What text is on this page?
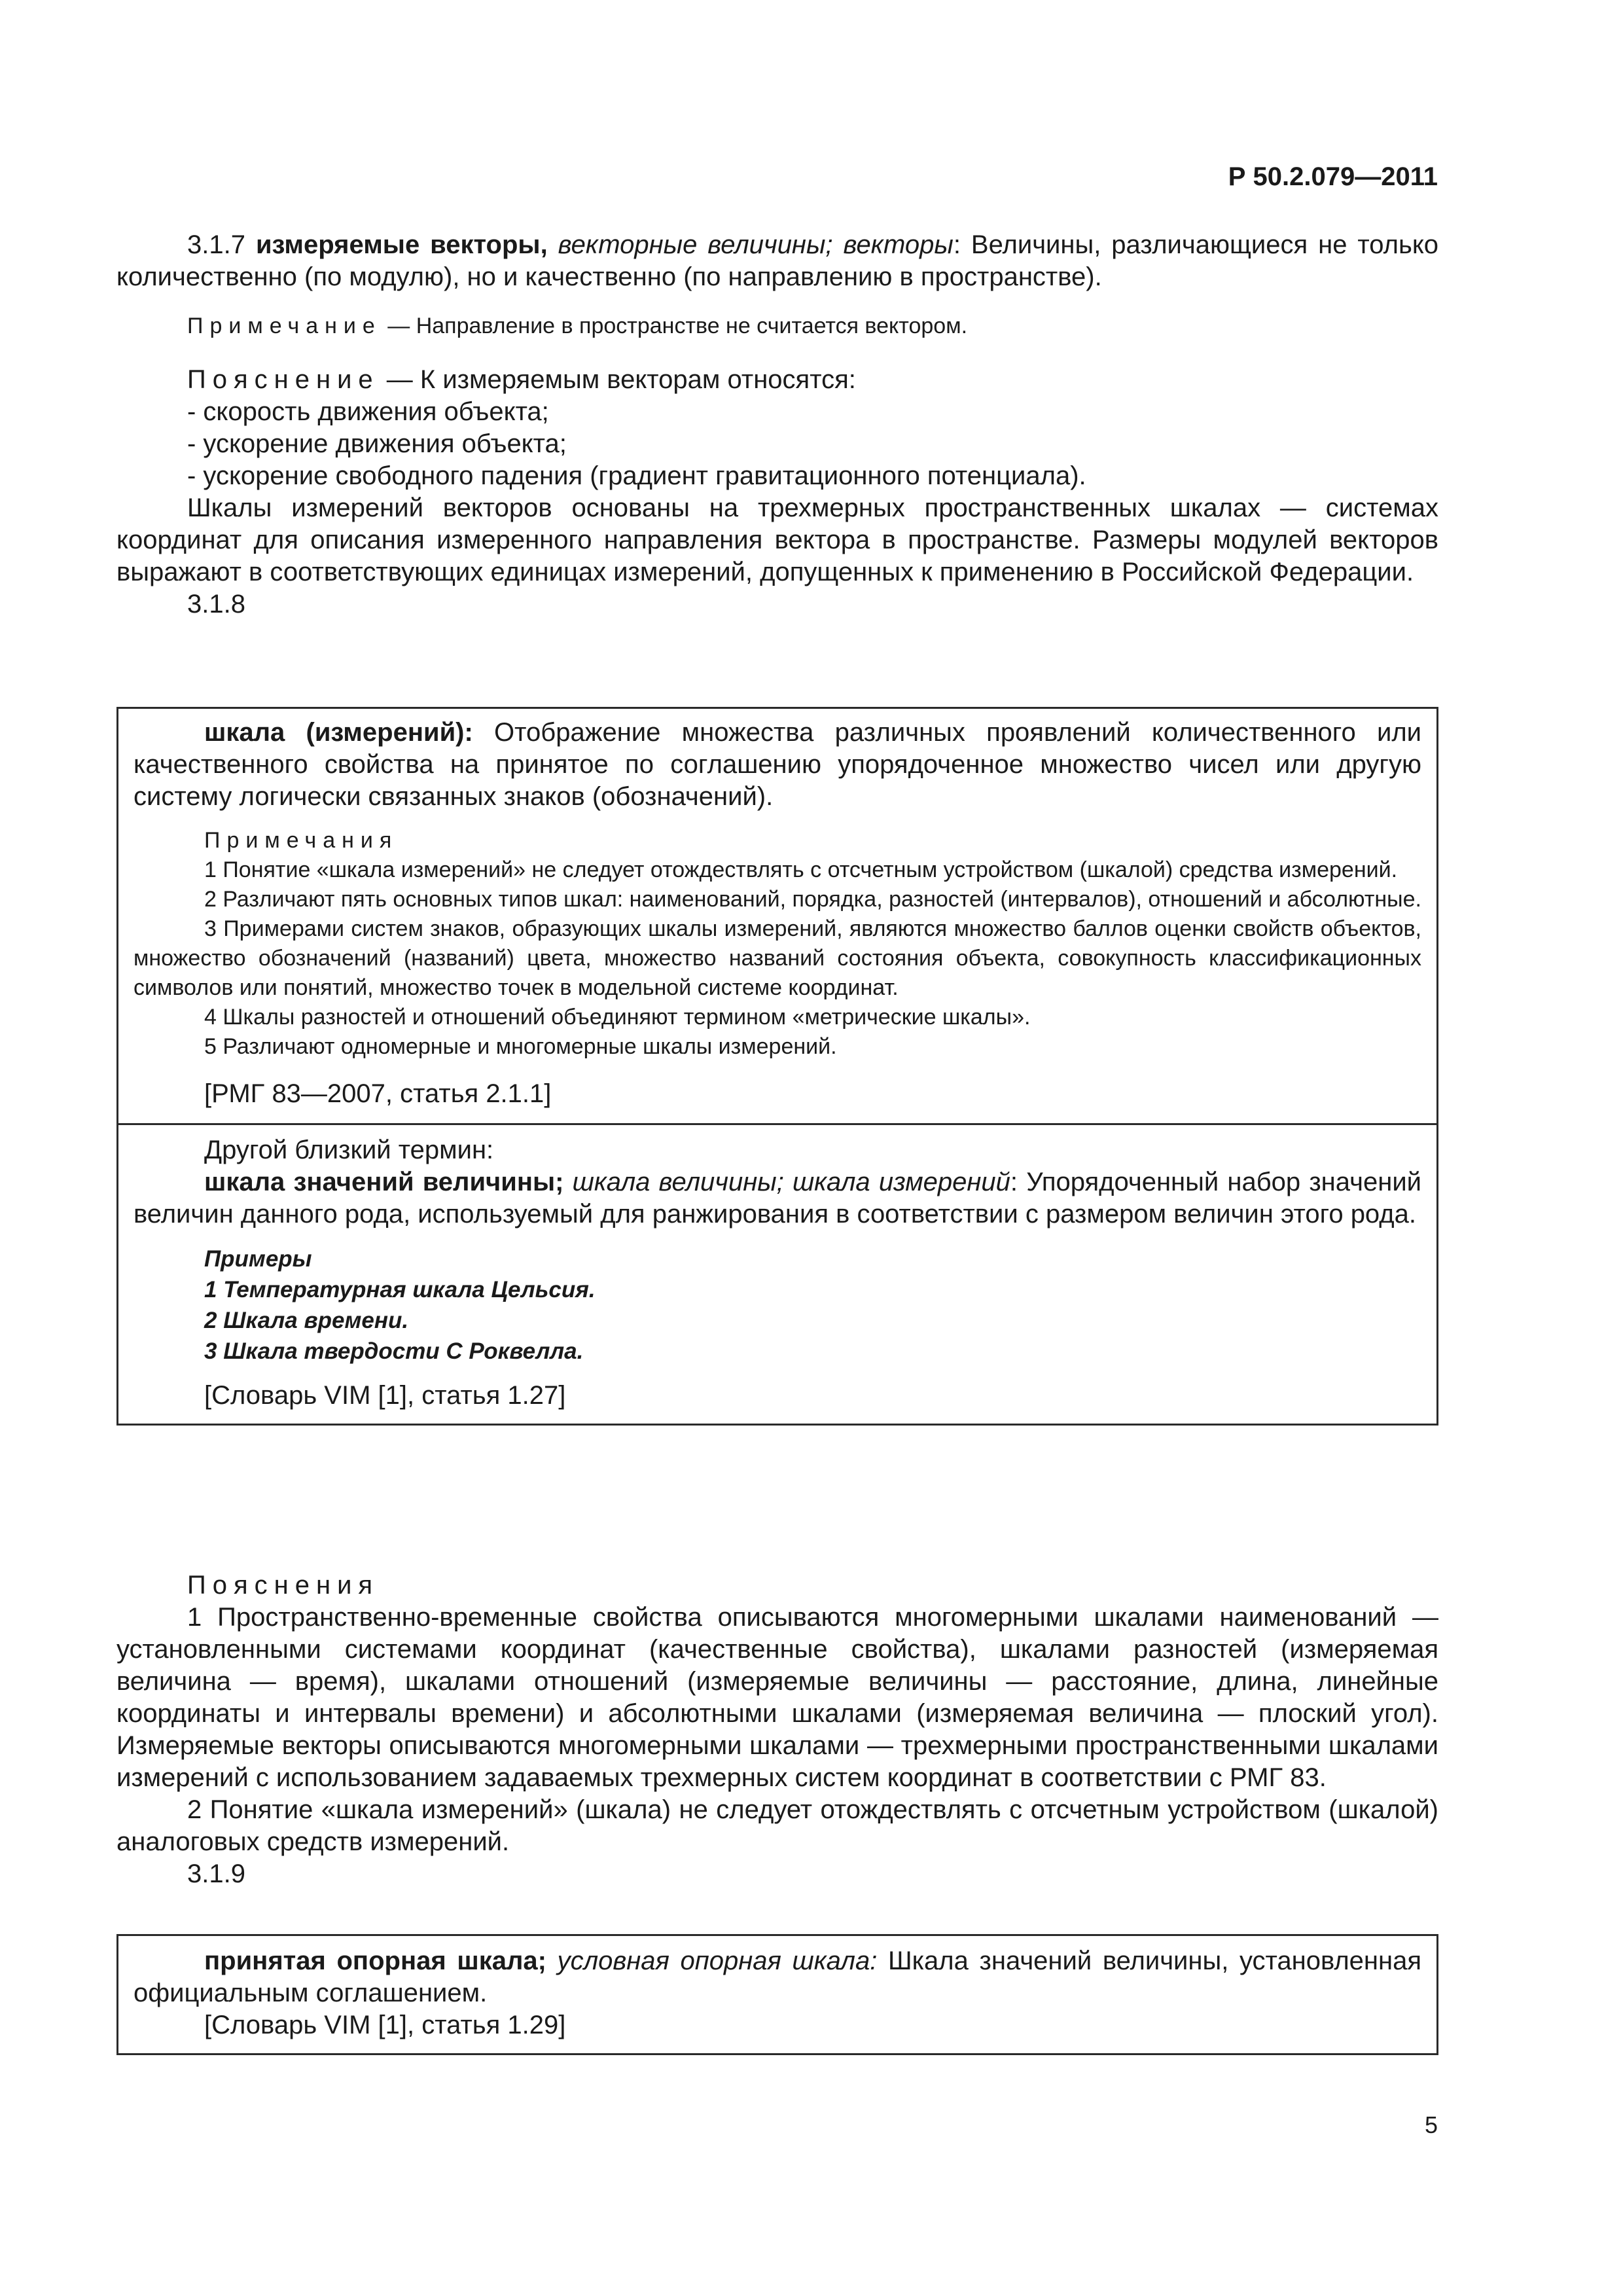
Р 50.2.079—2011

3.1.7 измеряемые векторы, векторные величины; векторы: Величины, различающиеся не только количественно (по модулю), но и качественно (по направлению в пространстве).

Примечание — Направление в пространстве не считается вектором.

Пояснение — К измеряемым векторам относятся:

- скорость движения объекта;

- ускорение движения объекта;

- ускорение свободного падения (градиент гравитационного потенциала).

Шкалы измерений векторов основаны на трехмерных пространственных шкалах — системах координат для описания измеренного направления вектора в пространстве. Размеры модулей векторов выражают в соответствующих единицах измерений, допущенных к применению в Российской Федерации.

3.1.8

шкала (измерений): Отображение множества различных проявлений количественного или качественного свойства на принятое по соглашению упорядоченное множество чисел или другую систему логически связанных знаков (обозначений).

Примечания

1 Понятие «шкала измерений» не следует отождествлять с отсчетным устройством (шкалой) средства измерений.

2 Различают пять основных типов шкал: наименований, порядка, разностей (интервалов), отношений и абсолютные.

3 Примерами систем знаков, образующих шкалы измерений, являются множество баллов оценки свойств объектов, множество обозначений (названий) цвета, множество названий состояния объекта, совокупность классификационных символов или понятий, множество точек в модельной системе координат.

4 Шкалы разностей и отношений объединяют термином «метрические шкалы».

5 Различают одномерные и многомерные шкалы измерений.

[РМГ 83—2007, статья 2.1.1]

Другой близкий термин:

шкала значений величины; шкала величины; шкала измерений: Упорядоченный набор значений величин данного рода, используемый для ранжирования в соответствии с размером величин этого рода.

Примеры

1 Температурная шкала Цельсия.

2 Шкала времени.

3 Шкала твердости С Роквелла.

[Словарь VIM [1], статья 1.27]

Пояснения

1 Пространственно-временные свойства описываются многомерными шкалами наименований — установленными системами координат (качественные свойства), шкалами разностей (измеряемая величина — время), шкалами отношений (измеряемые величины — расстояние, длина, линейные координаты и интервалы времени) и абсолютными шкалами (измеряемая величина — плоский угол). Измеряемые векторы описываются многомерными шкалами — трехмерными пространственными шкалами измерений с использованием задаваемых трехмерных систем координат в соответствии с РМГ 83.

2 Понятие «шкала измерений» (шкала) не следует отождествлять с отсчетным устройством (шкалой) аналоговых средств измерений.

3.1.9

принятая опорная шкала; условная опорная шкала: Шкала значений величины, установленная официальным соглашением.

[Словарь VIM [1], статья 1.29]

5
